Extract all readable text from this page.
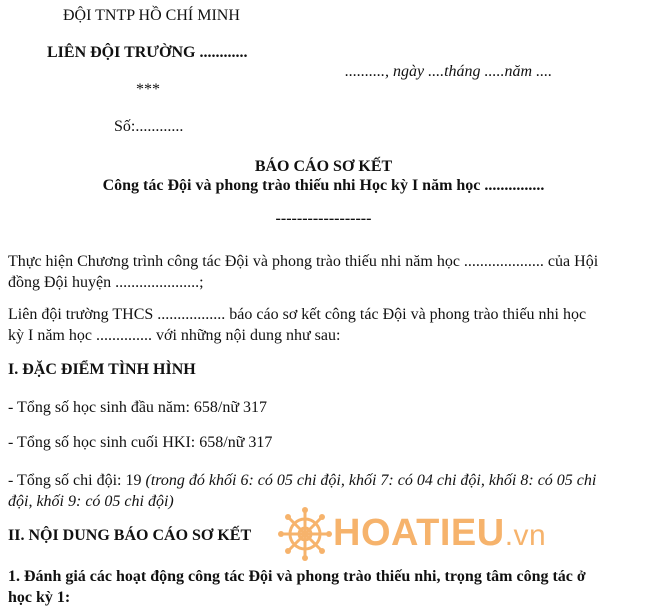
ĐỘI TNTP HỒ CHÍ MINH
LIÊN ĐỘI TRƯỜNG ............
.........., ngày ....tháng .....năm ....
***
Số:............
BÁO CÁO SƠ KẾT
Công tác Đội và phong trào thiếu nhi Học kỳ I năm học ...............
------------------
Thực hiện Chương trình công tác Đội và phong trào thiếu nhi năm học .................... của Hội đồng Đội huyện .....................;
Liên đội trường THCS ................. báo cáo sơ kết công tác Đội và phong trào thiếu nhi học kỳ I năm học .............. với những nội dung như sau:
I. ĐẶC ĐIỂM TÌNH HÌNH
- Tổng số học sinh đầu năm: 658/nữ 317
- Tổng số học sinh cuối HKI: 658/nữ 317
- Tổng số chi đội: 19 (trong đó khối 6: có 05 chi đội, khối 7: có 04 chi đội, khối 8: có 05 chi đội, khối 9: có 05 chi đội)
II. NỘI DUNG BÁO CÁO SƠ KẾT
1. Đánh giá các hoạt động công tác Đội và phong trào thiếu nhi, trọng tâm công tác ở học kỳ 1:
HOATIEU.vn
